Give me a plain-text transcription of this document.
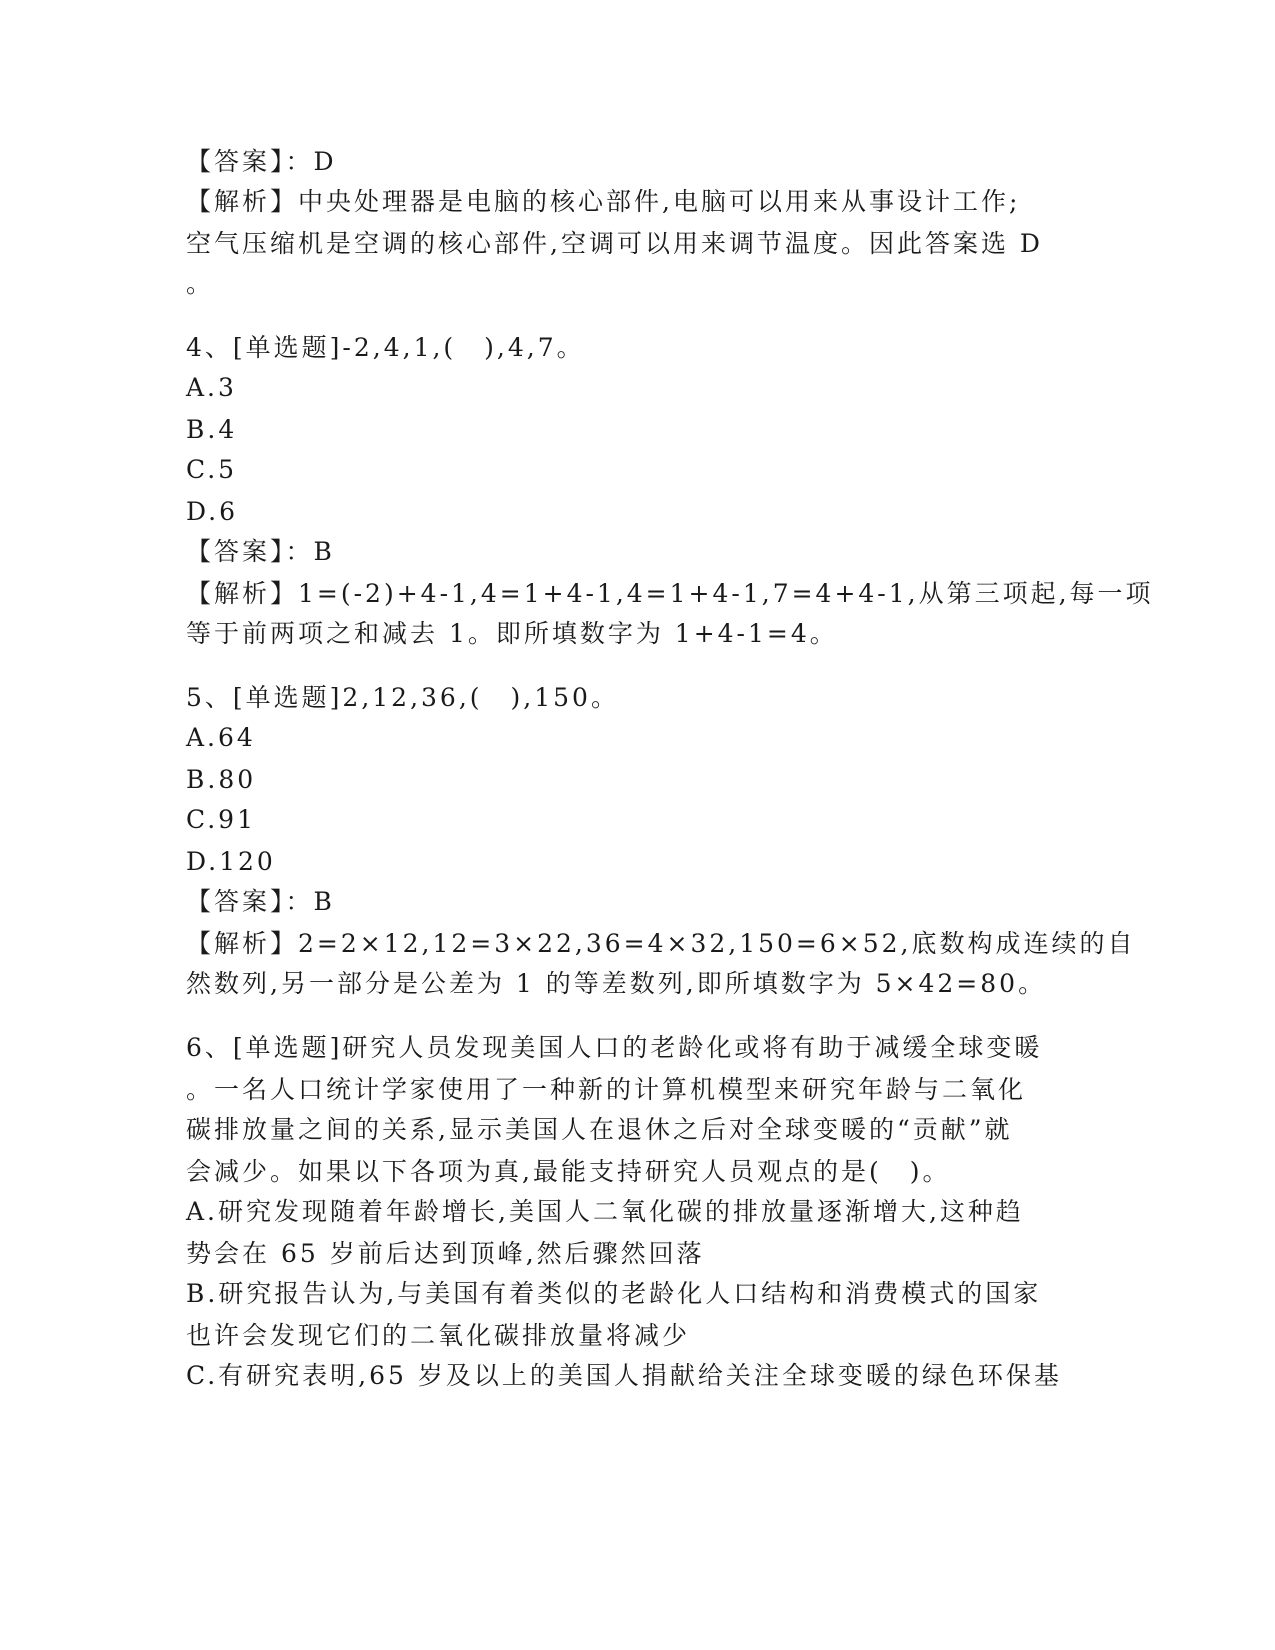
【答案】：D
【解析】中央处理器是电脑的核心部件,电脑可以用来从事设计工作;
空气压缩机是空调的核心部件,空调可以用来调节温度。因此答案选 D
。
4、[单选题]-2,4,1,(　),4,7。
A.3
B.4
C.5
D.6
【答案】：B
【解析】1=(-2)+4-1,4=1+4-1,4=1+4-1,7=4+4-1,从第三项起,每一项
等于前两项之和减去 1。即所填数字为 1+4-1=4。
5、[单选题]2,12,36,(　),150。
A.64
B.80
C.91
D.120
【答案】：B
【解析】2=2×12,12=3×22,36=4×32,150=6×52,底数构成连续的自
然数列,另一部分是公差为 1 的等差数列,即所填数字为 5×42=80。
6、[单选题]研究人员发现美国人口的老龄化或将有助于减缓全球变暖
。一名人口统计学家使用了一种新的计算机模型来研究年龄与二氧化
碳排放量之间的关系,显示美国人在退休之后对全球变暖的“贡献”就
会减少。如果以下各项为真,最能支持研究人员观点的是(　)。
A.研究发现随着年龄增长,美国人二氧化碳的排放量逐渐增大,这种趋
势会在 65 岁前后达到顶峰,然后骤然回落
B.研究报告认为,与美国有着类似的老龄化人口结构和消费模式的国家
也许会发现它们的二氧化碳排放量将减少
C.有研究表明,65 岁及以上的美国人捐献给关注全球变暖的绿色环保基
